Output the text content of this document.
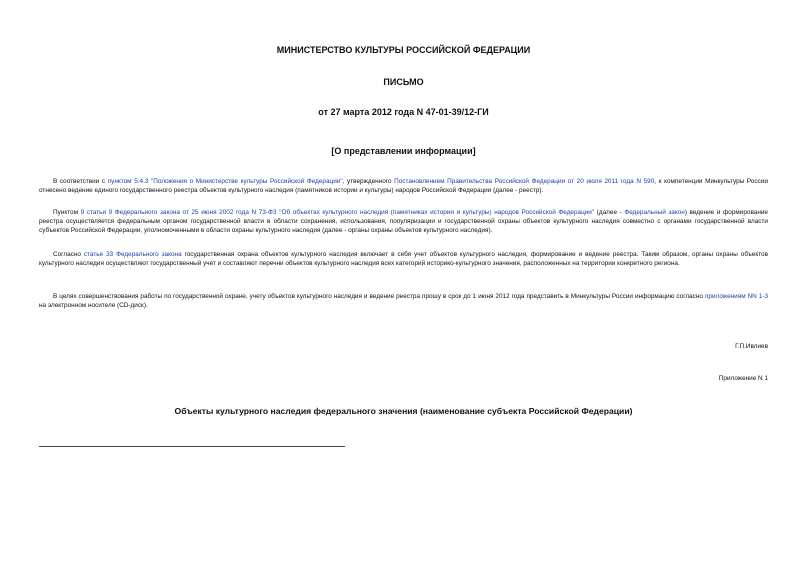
МИНИСТЕРСТВО КУЛЬТУРЫ РОССИЙСКОЙ ФЕДЕРАЦИИ
ПИСЬМО
от 27 марта 2012 года N 47-01-39/12-ГИ
[О представлении информации]

В соответствии с пунктом 5.4.3 "Положения о Министерстве культуры Российской Федерации", утвержденного Постановлением Правительства Российской Федерации от 20 июля 2011 года N 590, к компетенции Минкультуры России отнесено ведение единого государственного реестра объектов культурного наследия (памятников истории и культуры) народов Российской Федерации (далее - реестр).

Пунктом 9 статьи 9 Федерального закона от 25 июня 2002 года N 73-ФЗ "Об объектах культурного наследия (памятниках истории и культуры) народов Российской Федерации" (далее - Федеральный закон) ведение и формирование реестра осуществляется федеральным органом государственной власти в области сохранения, использования, популяризации и государственной охраны объектов культурного наследия совместно с органами государственной власти субъектов Российской Федерации, уполномоченными в области охраны культурного наследия (далее - органы охраны объектов культурного наследия).

Согласно статье 33 Федерального закона государственная охрана объектов культурного наследия включает в себя учет объектов культурного наследия, формирование и ведение реестра. Таким образом, органы охраны объектов культурного наследия осуществляют государственный учет и составляют перечни объектов культурного наследия всех категорий историко-культурного значения, расположенных на территории конкретного региона.

В целях совершенствования работы по государственной охране, учету объектов культурного наследия и ведение реестра прошу в срок до 1 июня 2012 года представить в Минкультуры России информацию согласно приложениям NN 1-3 на электронном носителе (CD-диск).

Г.П.Ивлиев
Приложение N 1
Объекты культурного наследия федерального значения (наименование субъекта Российской Федерации)
